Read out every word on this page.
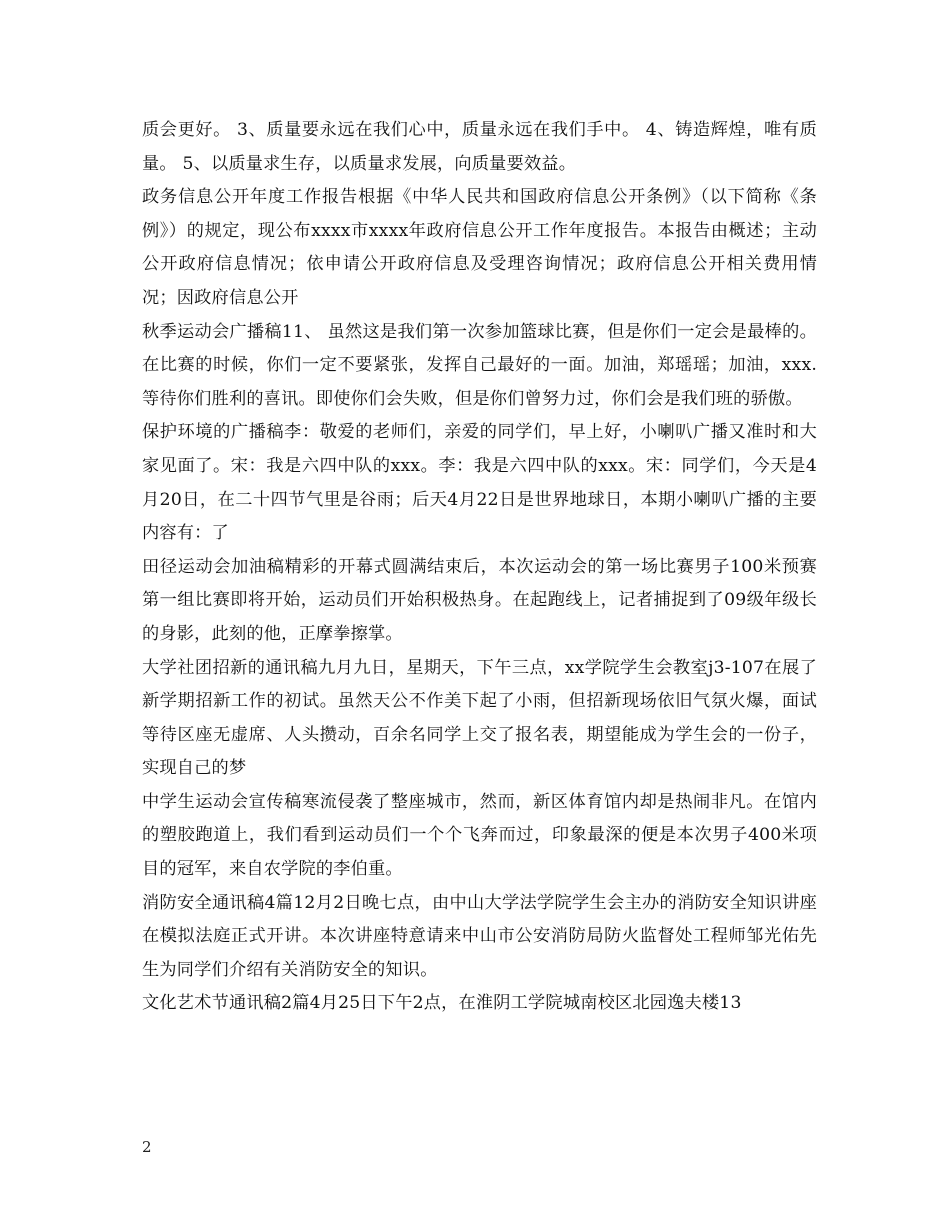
质会更好。 3、质量要永远在我们心中，质量永远在我们手中。 4、铸造辉煌，唯有质量。 5、以质量求生存，以质量求发展，向质量要效益。

政务信息公开年度工作报告根据《中华人民共和国政府信息公开条例》（以下简称《条例》）的规定，现公布xxxx市xxxx年政府信息公开工作年度报告。本报告由概述；主动公开政府信息情况；依申请公开政府信息及受理咨询情况；政府信息公开相关费用情况；因政府信息公开

秋季运动会广播稿11、 虽然这是我们第一次参加篮球比赛，但是你们一定会是最棒的。在比赛的时候，你们一定不要紧张，发挥自己最好的一面。加油，郑瑶瑶；加油，xxx.等待你们胜利的喜讯。即使你们会失败，但是你们曾努力过，你们会是我们班的骄傲。

保护环境的广播稿李：敬爱的老师们，亲爱的同学们，早上好，小喇叭广播又准时和大家见面了。宋：我是六四中队的xxx。李：我是六四中队的xxx。宋：同学们，今天是4月20日，在二十四节气里是谷雨；后天4月22日是世界地球日，本期小喇叭广播的主要内容有：了

田径运动会加油稿精彩的开幕式圆满结束后，本次运动会的第一场比赛男子100米预赛第一组比赛即将开始，运动员们开始积极热身。在起跑线上，记者捕捉到了09级年级长的身影，此刻的他，正摩拳擦掌。

大学社团招新的通讯稿九月九日，星期天，下午三点，xx学院学生会教室j3-107在展了新学期招新工作的初试。虽然天公不作美下起了小雨，但招新现场依旧气氛火爆，面试等待区座无虚席、人头攒动，百余名同学上交了报名表，期望能成为学生会的一份子，实现自己的梦

中学生运动会宣传稿寒流侵袭了整座城市，然而，新区体育馆内却是热闹非凡。在馆内的塑胶跑道上，我们看到运动员们一个个飞奔而过，印象最深的便是本次男子400米项目的冠军，来自农学院的李伯重。

消防安全通讯稿4篇12月2日晚七点，由中山大学法学院学生会主办的消防安全知识讲座在模拟法庭正式开讲。本次讲座特意请来中山市公安消防局防火监督处工程师邹光佑先生为同学们介绍有关消防安全的知识。

文化艺术节通讯稿2篇4月25日下午2点，在淮阴工学院城南校区北园逸夫楼13

2
